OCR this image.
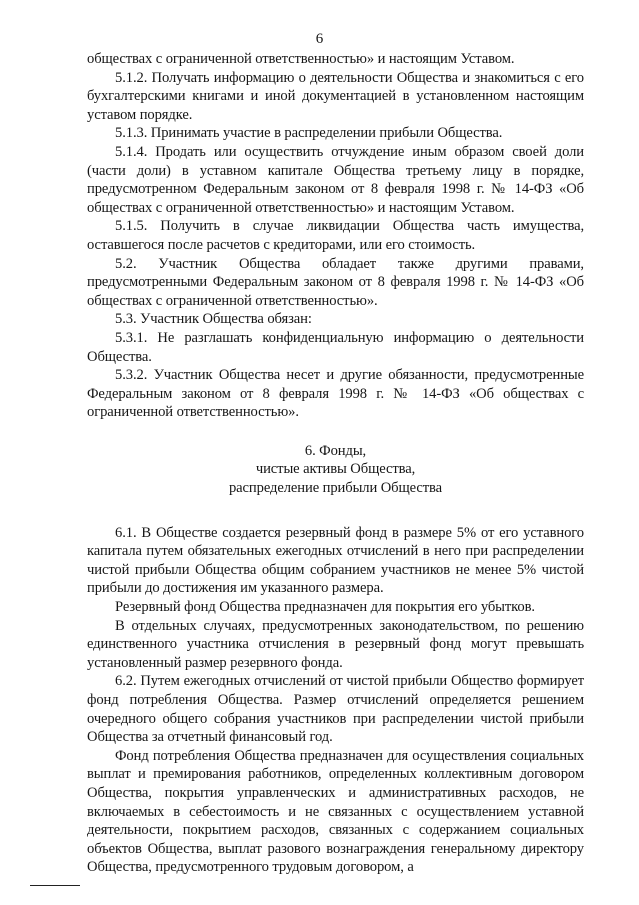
6

обществах с ограниченной ответственностью» и настоящим Уставом.

5.1.2. Получать информацию о деятельности Общества и знакомиться с его бухгалтерскими книгами и иной документацией в установленном настоящим уставом порядке.

5.1.3. Принимать участие в распределении прибыли Общества.

5.1.4. Продать или осуществить отчуждение иным образом своей доли (части доли) в уставном капитале Общества третьему лицу в порядке, предусмотренном Федеральным законом от 8 февраля 1998 г. № 14-ФЗ «Об обществах с ограниченной ответственностью» и настоящим Уставом.

5.1.5. Получить в случае ликвидации Общества часть имущества, оставшегося после расчетов с кредиторами, или его стоимость.

5.2. Участник Общества обладает также другими правами, предусмотренными Федеральным законом от 8 февраля 1998 г. № 14-ФЗ «Об обществах с ограниченной ответственностью».

5.3. Участник Общества обязан:

5.3.1. Не разглашать конфиденциальную информацию о деятельности Общества.

5.3.2. Участник Общества несет и другие обязанности, предусмотренные Федеральным законом от 8 февраля 1998 г. № 14-ФЗ «Об обществах с ограниченной ответственностью».

6. Фонды,
чистые активы Общества,
распределение прибыли Общества

6.1. В Обществе создается резервный фонд в размере 5% от его уставного капитала путем обязательных ежегодных отчислений в него при распределении чистой прибыли Общества общим собранием участников не менее 5% чистой прибыли до достижения им указанного размера.

Резервный фонд Общества предназначен для покрытия его убытков.

В отдельных случаях, предусмотренных законодательством, по решению единственного участника отчисления в резервный фонд могут превышать установленный размер резервного фонда.

6.2. Путем ежегодных отчислений от чистой прибыли Общество формирует фонд потребления Общества. Размер отчислений определяется решением очередного общего собрания участников при распределении чистой прибыли Общества за отчетный финансовый год.

Фонд потребления Общества предназначен для осуществления социальных выплат и премирования работников, определенных коллективным договором Общества, покрытия управленческих и административных расходов, не включаемых в себестоимость и не связанных с осуществлением уставной деятельности, покрытием расходов, связанных с содержанием социальных объектов Общества, выплат разового вознаграждения генеральному директору Общества, предусмотренного трудовым договором, а
